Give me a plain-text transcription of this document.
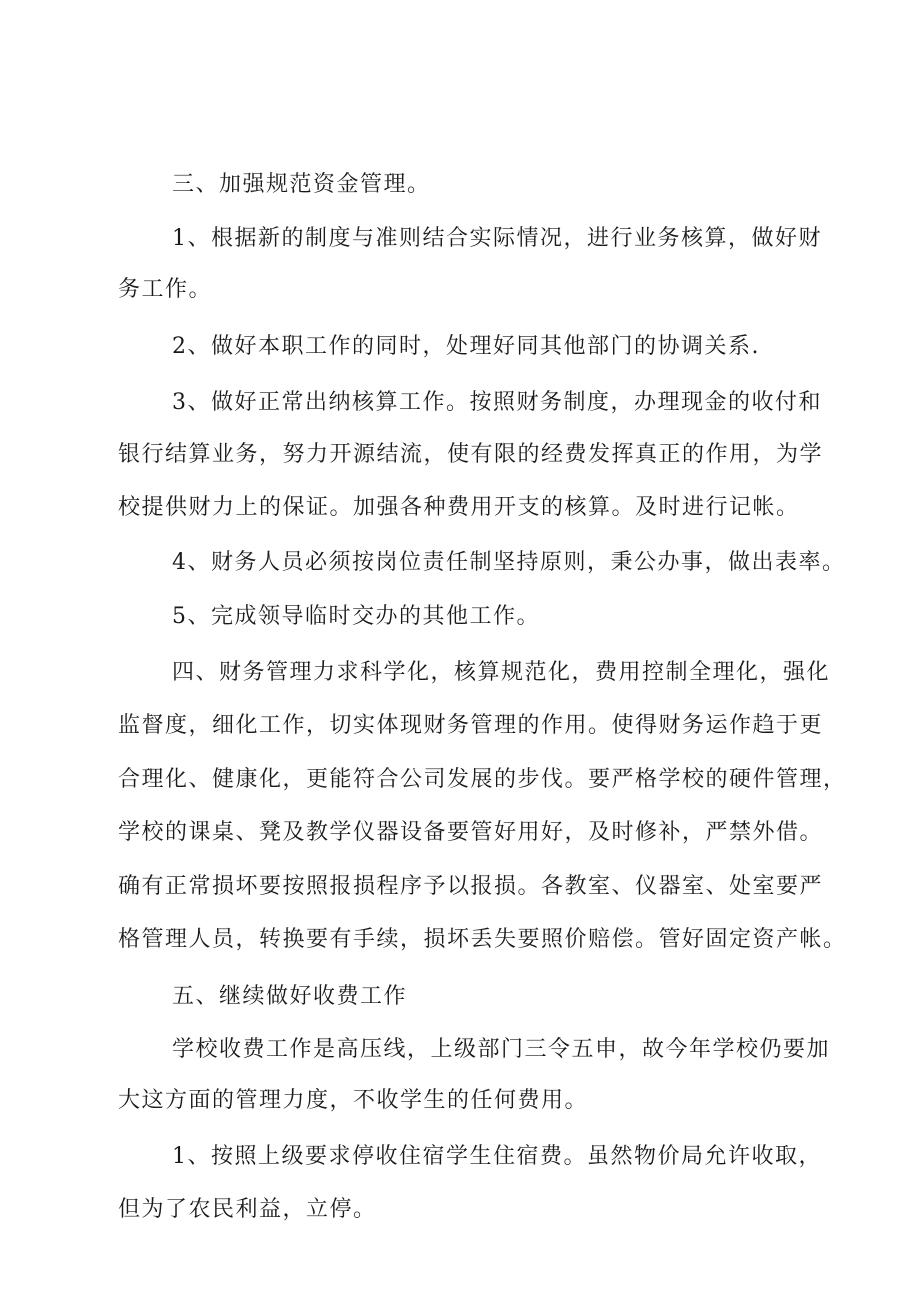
三、加强规范资金管理。
1、根据新的制度与准则结合实际情况，进行业务核算，做好财
务工作。
2、做好本职工作的同时，处理好同其他部门的协调关系.
3、做好正常出纳核算工作。按照财务制度，办理现金的收付和
银行结算业务，努力开源结流，使有限的经费发挥真正的作用，为学
校提供财力上的保证。加强各种费用开支的核算。及时进行记帐。
4、财务人员必须按岗位责任制坚持原则，秉公办事，做出表率。
5、完成领导临时交办的其他工作。
四、财务管理力求科学化，核算规范化，费用控制全理化，强化
监督度，细化工作，切实体现财务管理的作用。使得财务运作趋于更
合理化、健康化，更能符合公司发展的步伐。要严格学校的硬件管理，
学校的课桌、凳及教学仪器设备要管好用好，及时修补，严禁外借。
确有正常损坏要按照报损程序予以报损。各教室、仪器室、处室要严
格管理人员，转换要有手续，损坏丢失要照价赔偿。管好固定资产帐。
五、继续做好收费工作
学校收费工作是高压线，上级部门三令五申，故今年学校仍要加
大这方面的管理力度，不收学生的任何费用。
1、按照上级要求停收住宿学生住宿费。虽然物价局允许收取，
但为了农民利益，立停。
